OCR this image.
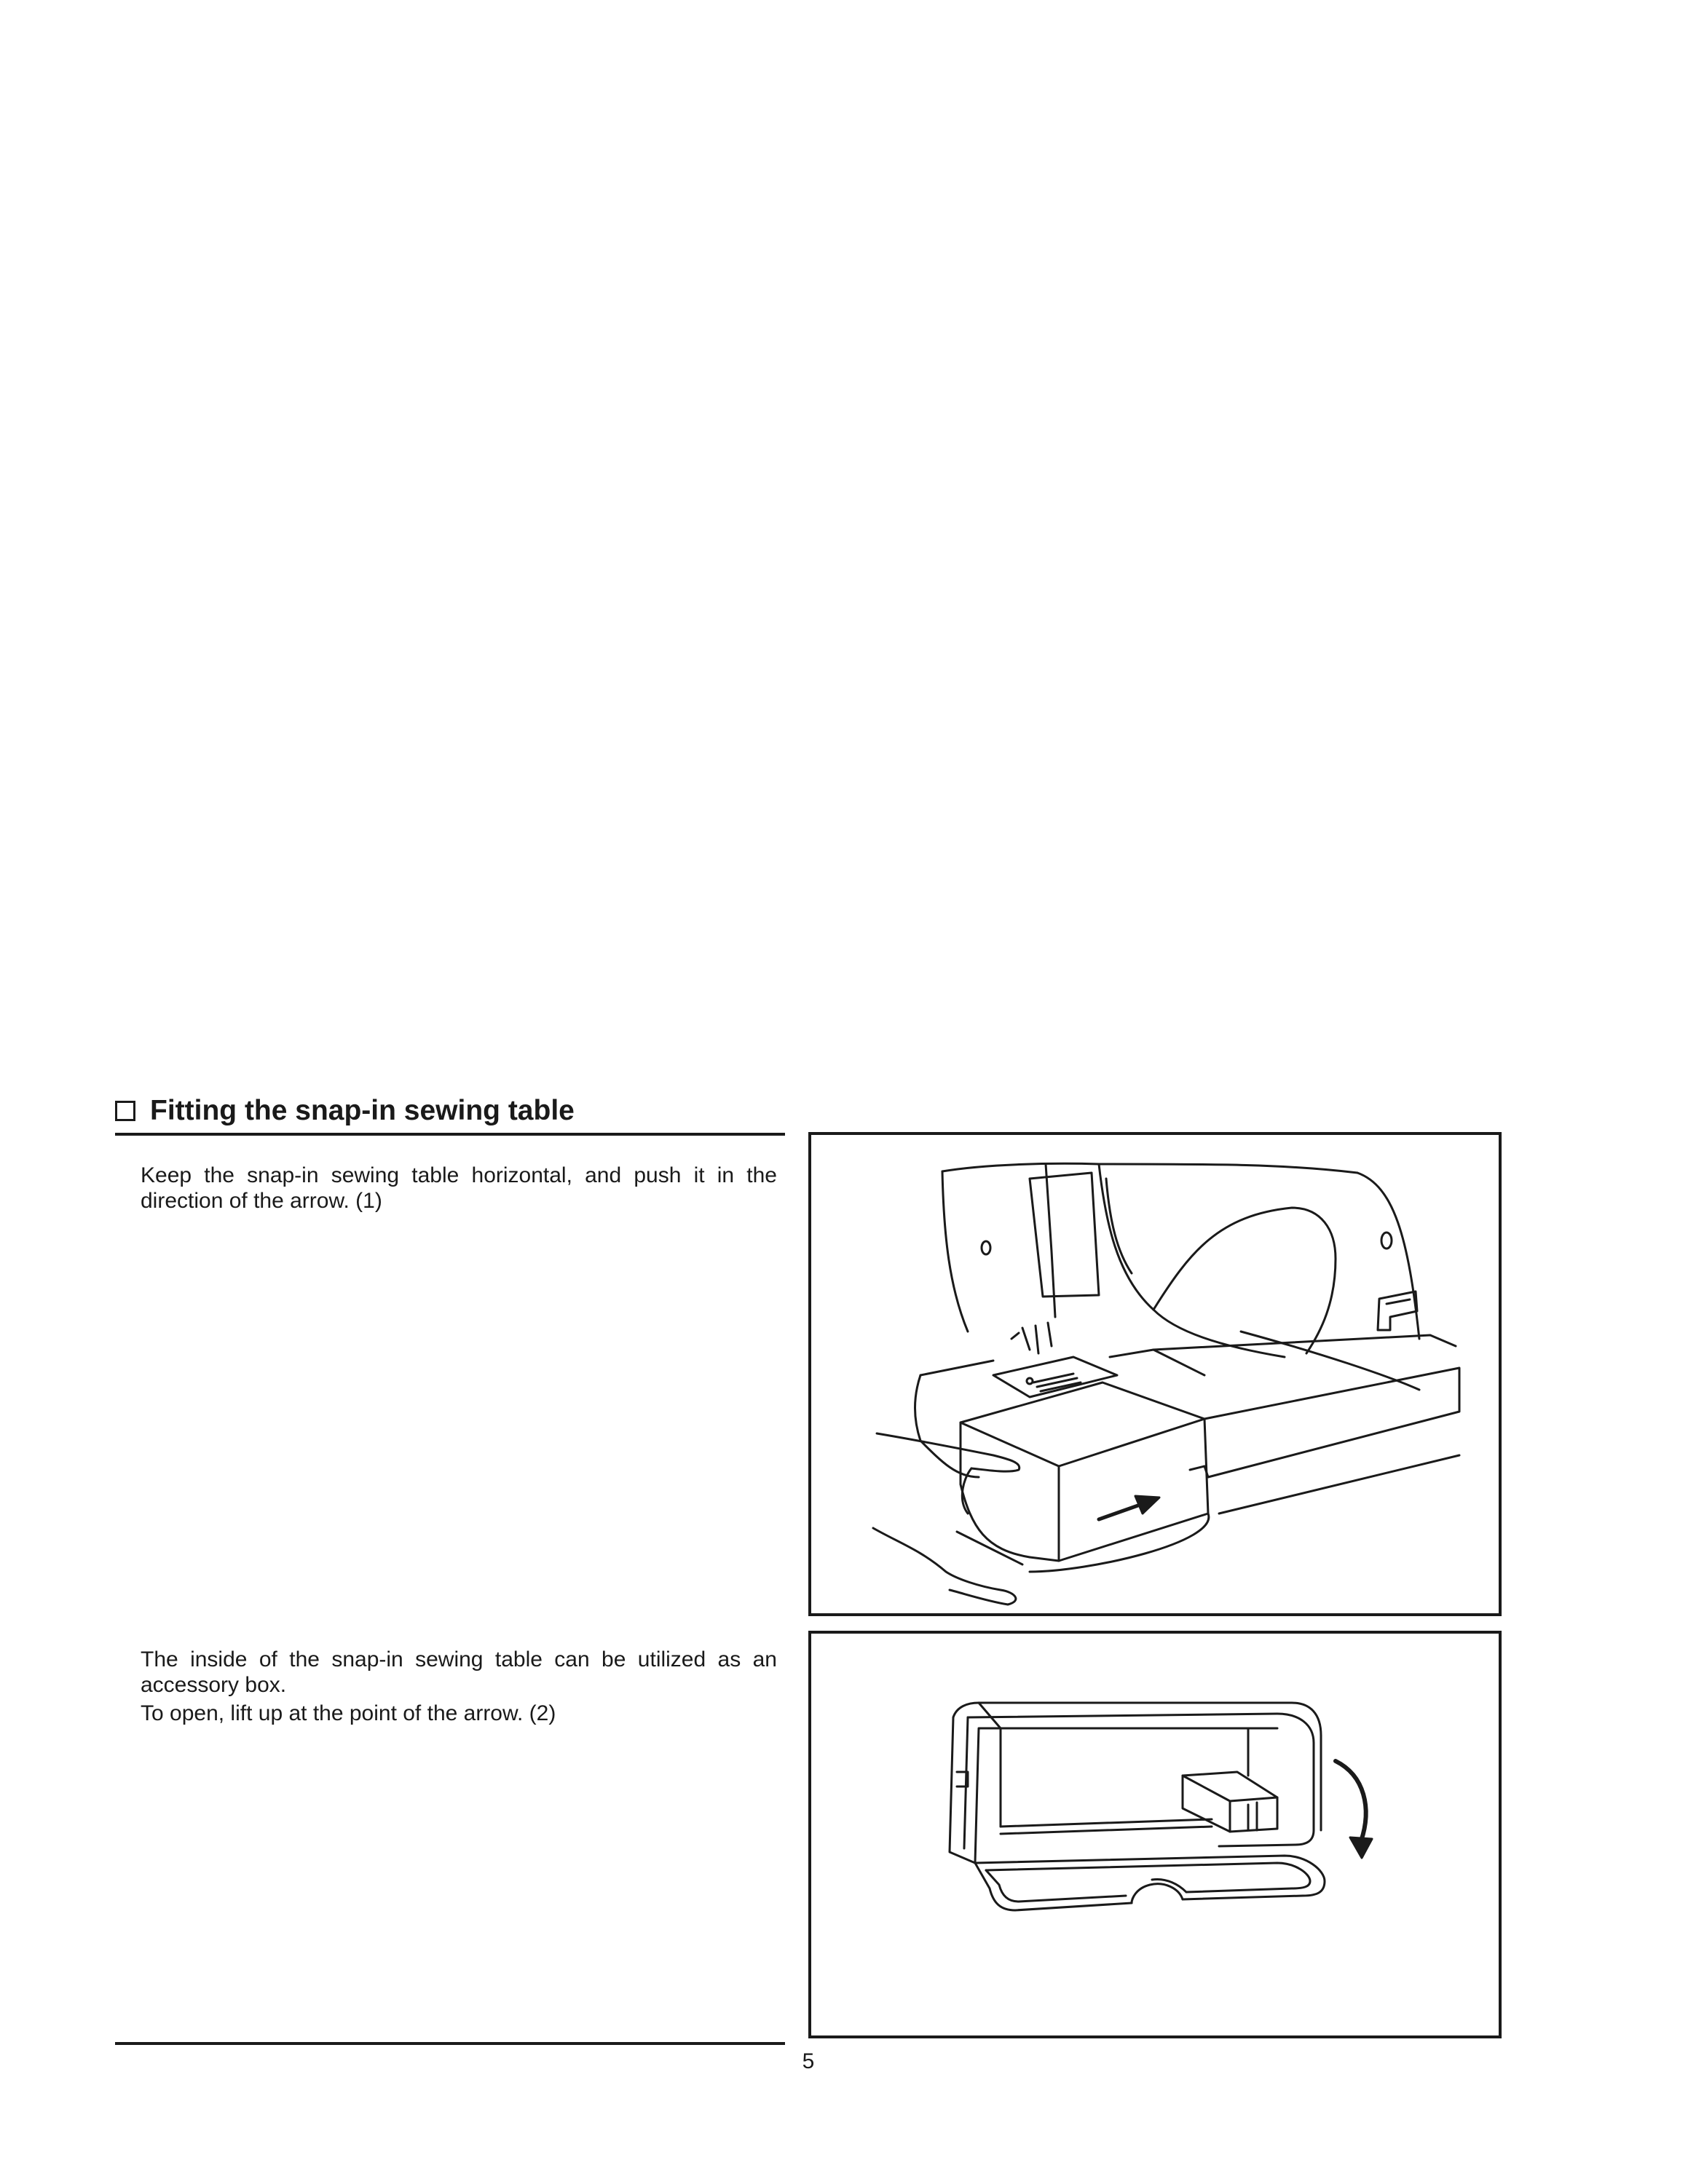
Fitting the snap-in sewing table

Keep the snap-in sewing table horizontal, and push it in the direction of the arrow. (1)

The inside of the snap-in sewing table can be utilized as an accessory box.

To open, lift up at the point of the arrow. (2)

5
